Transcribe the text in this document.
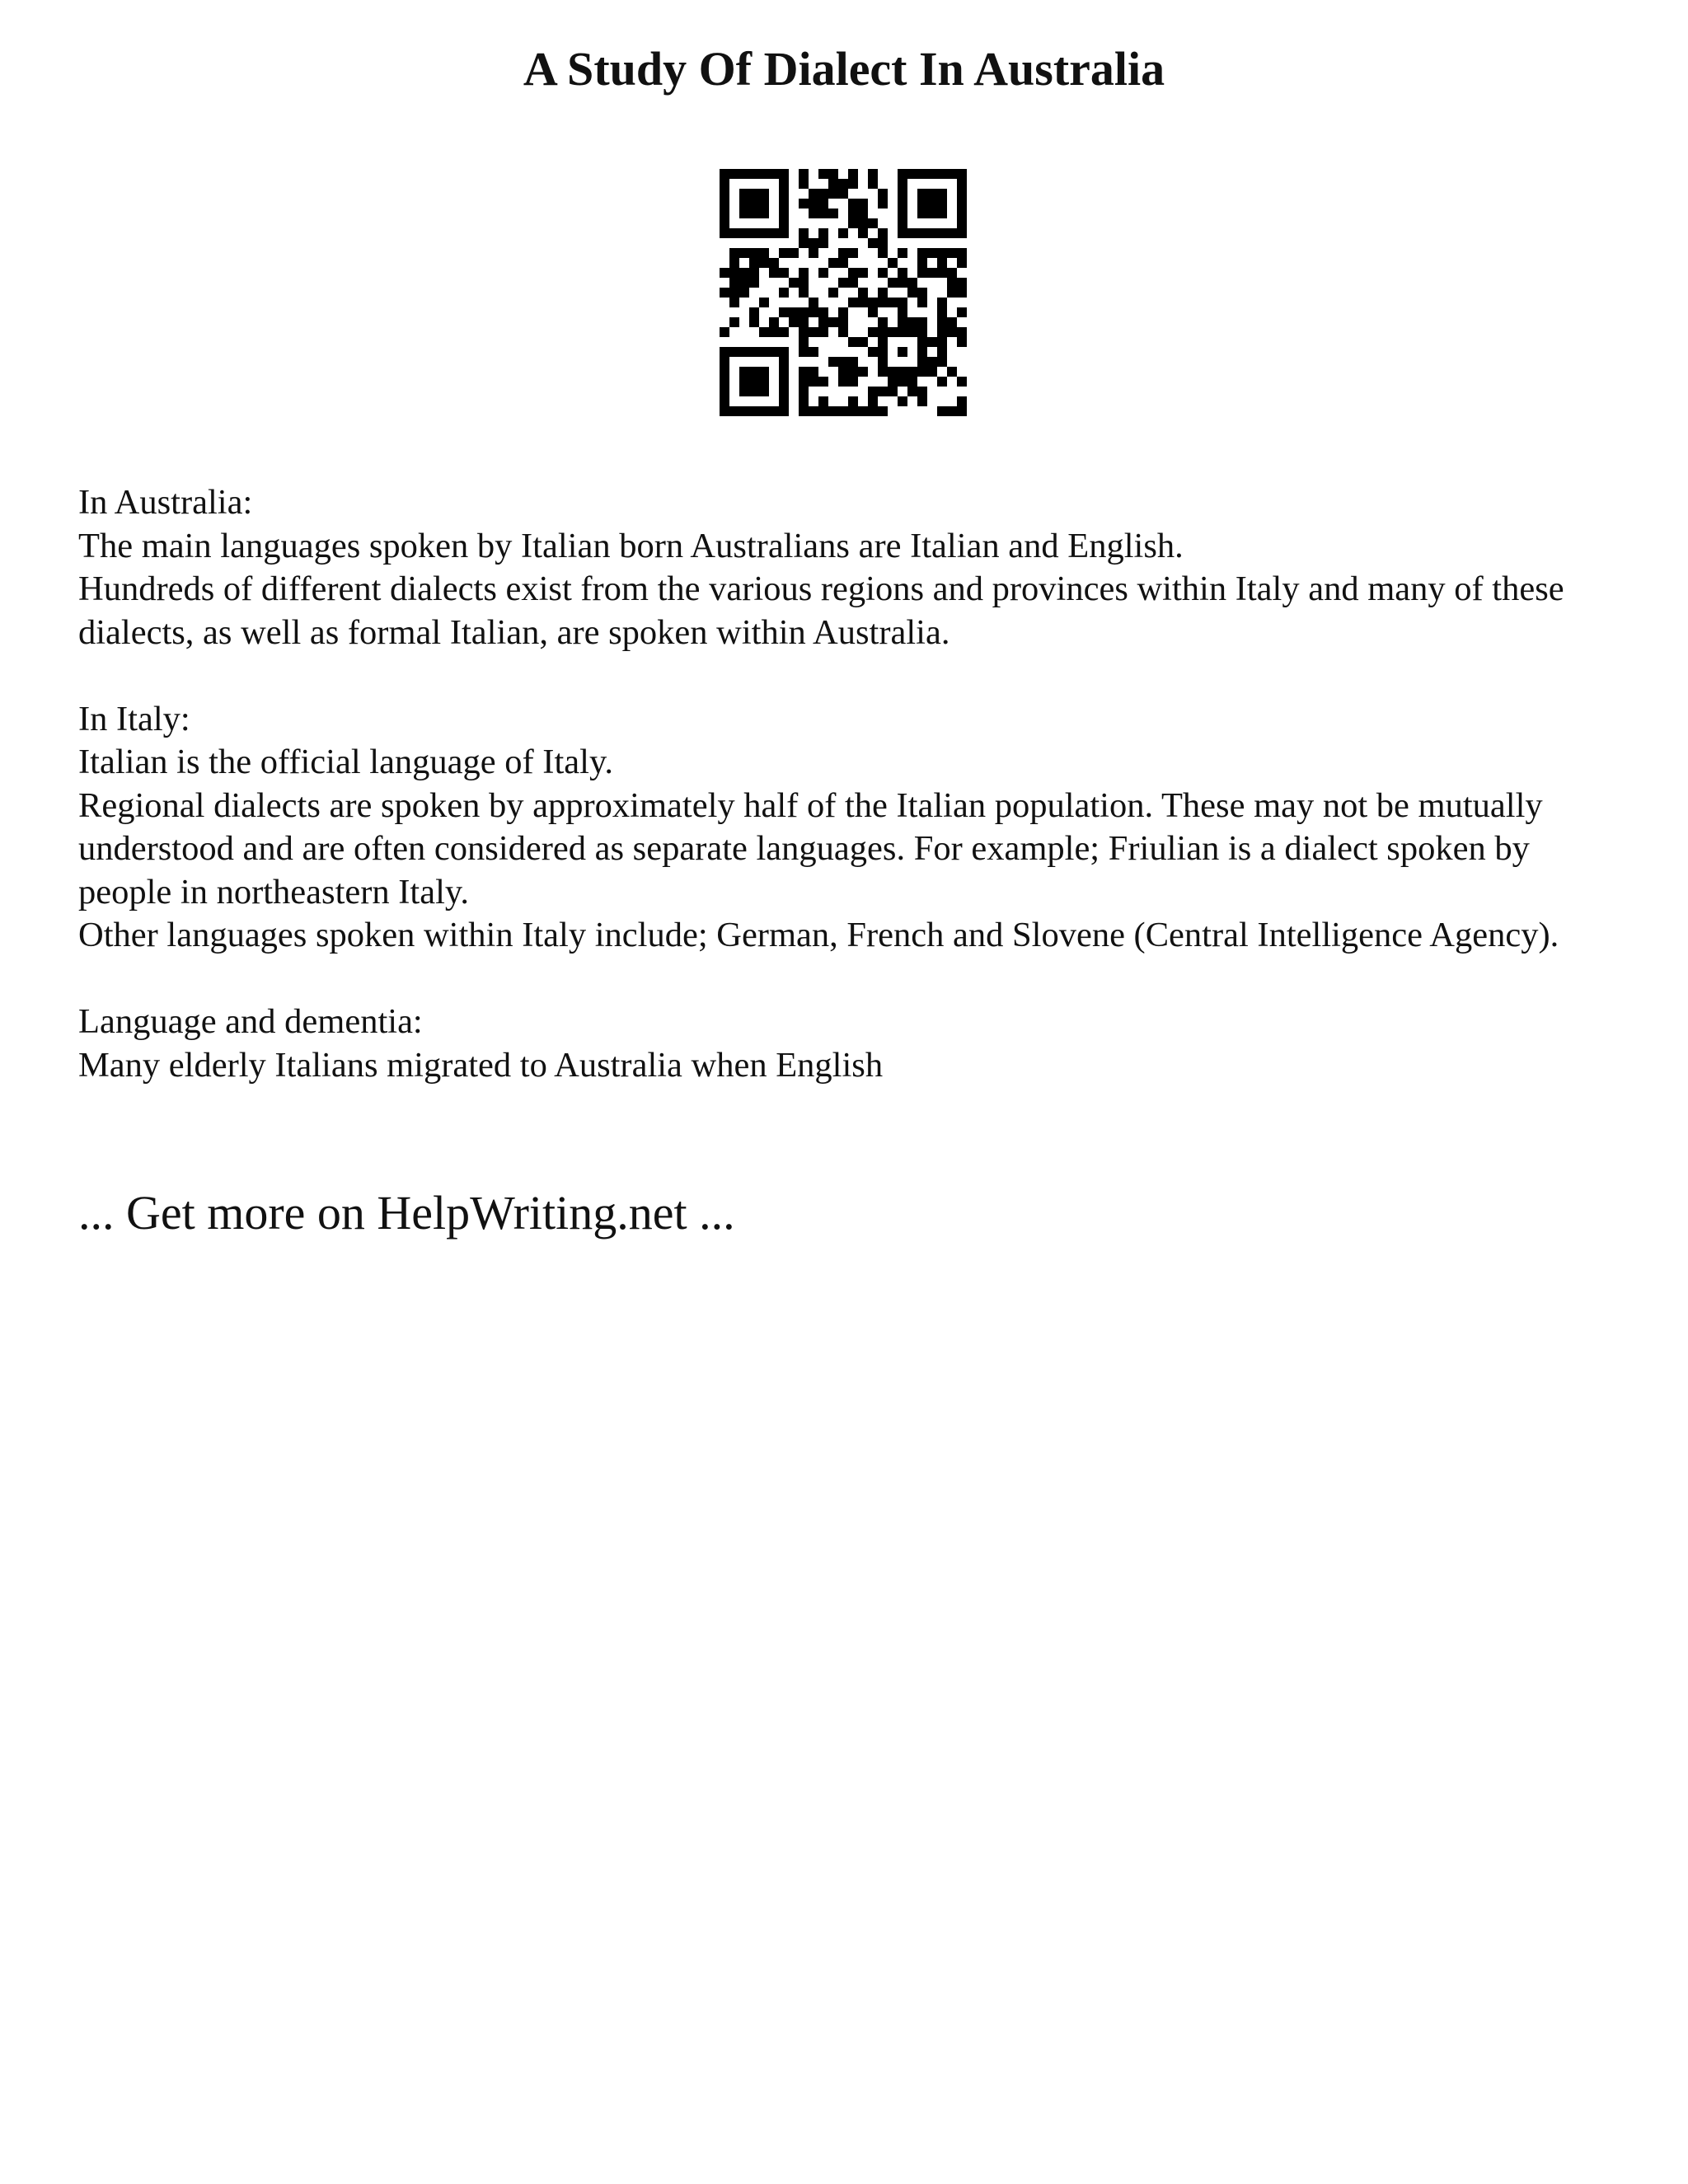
A Study Of Dialect In Australia

In Australia:

The main languages spoken by Italian born Australians are Italian and English.

Hundreds of different dialects exist from the various regions and provinces within Italy and many of these dialects, as well as formal Italian, are spoken within Australia.

In Italy:

Italian is the official language of Italy.

Regional dialects are spoken by approximately half of the Italian population. These may not be mutually understood and are often considered as separate languages. For example; Friulian is a dialect spoken by people in northeastern Italy.

Other languages spoken within Italy include; German, French and Slovene (Central Intelligence Agency).

Language and dementia:

Many elderly Italians migrated to Australia when English

... Get more on HelpWriting.net ...
